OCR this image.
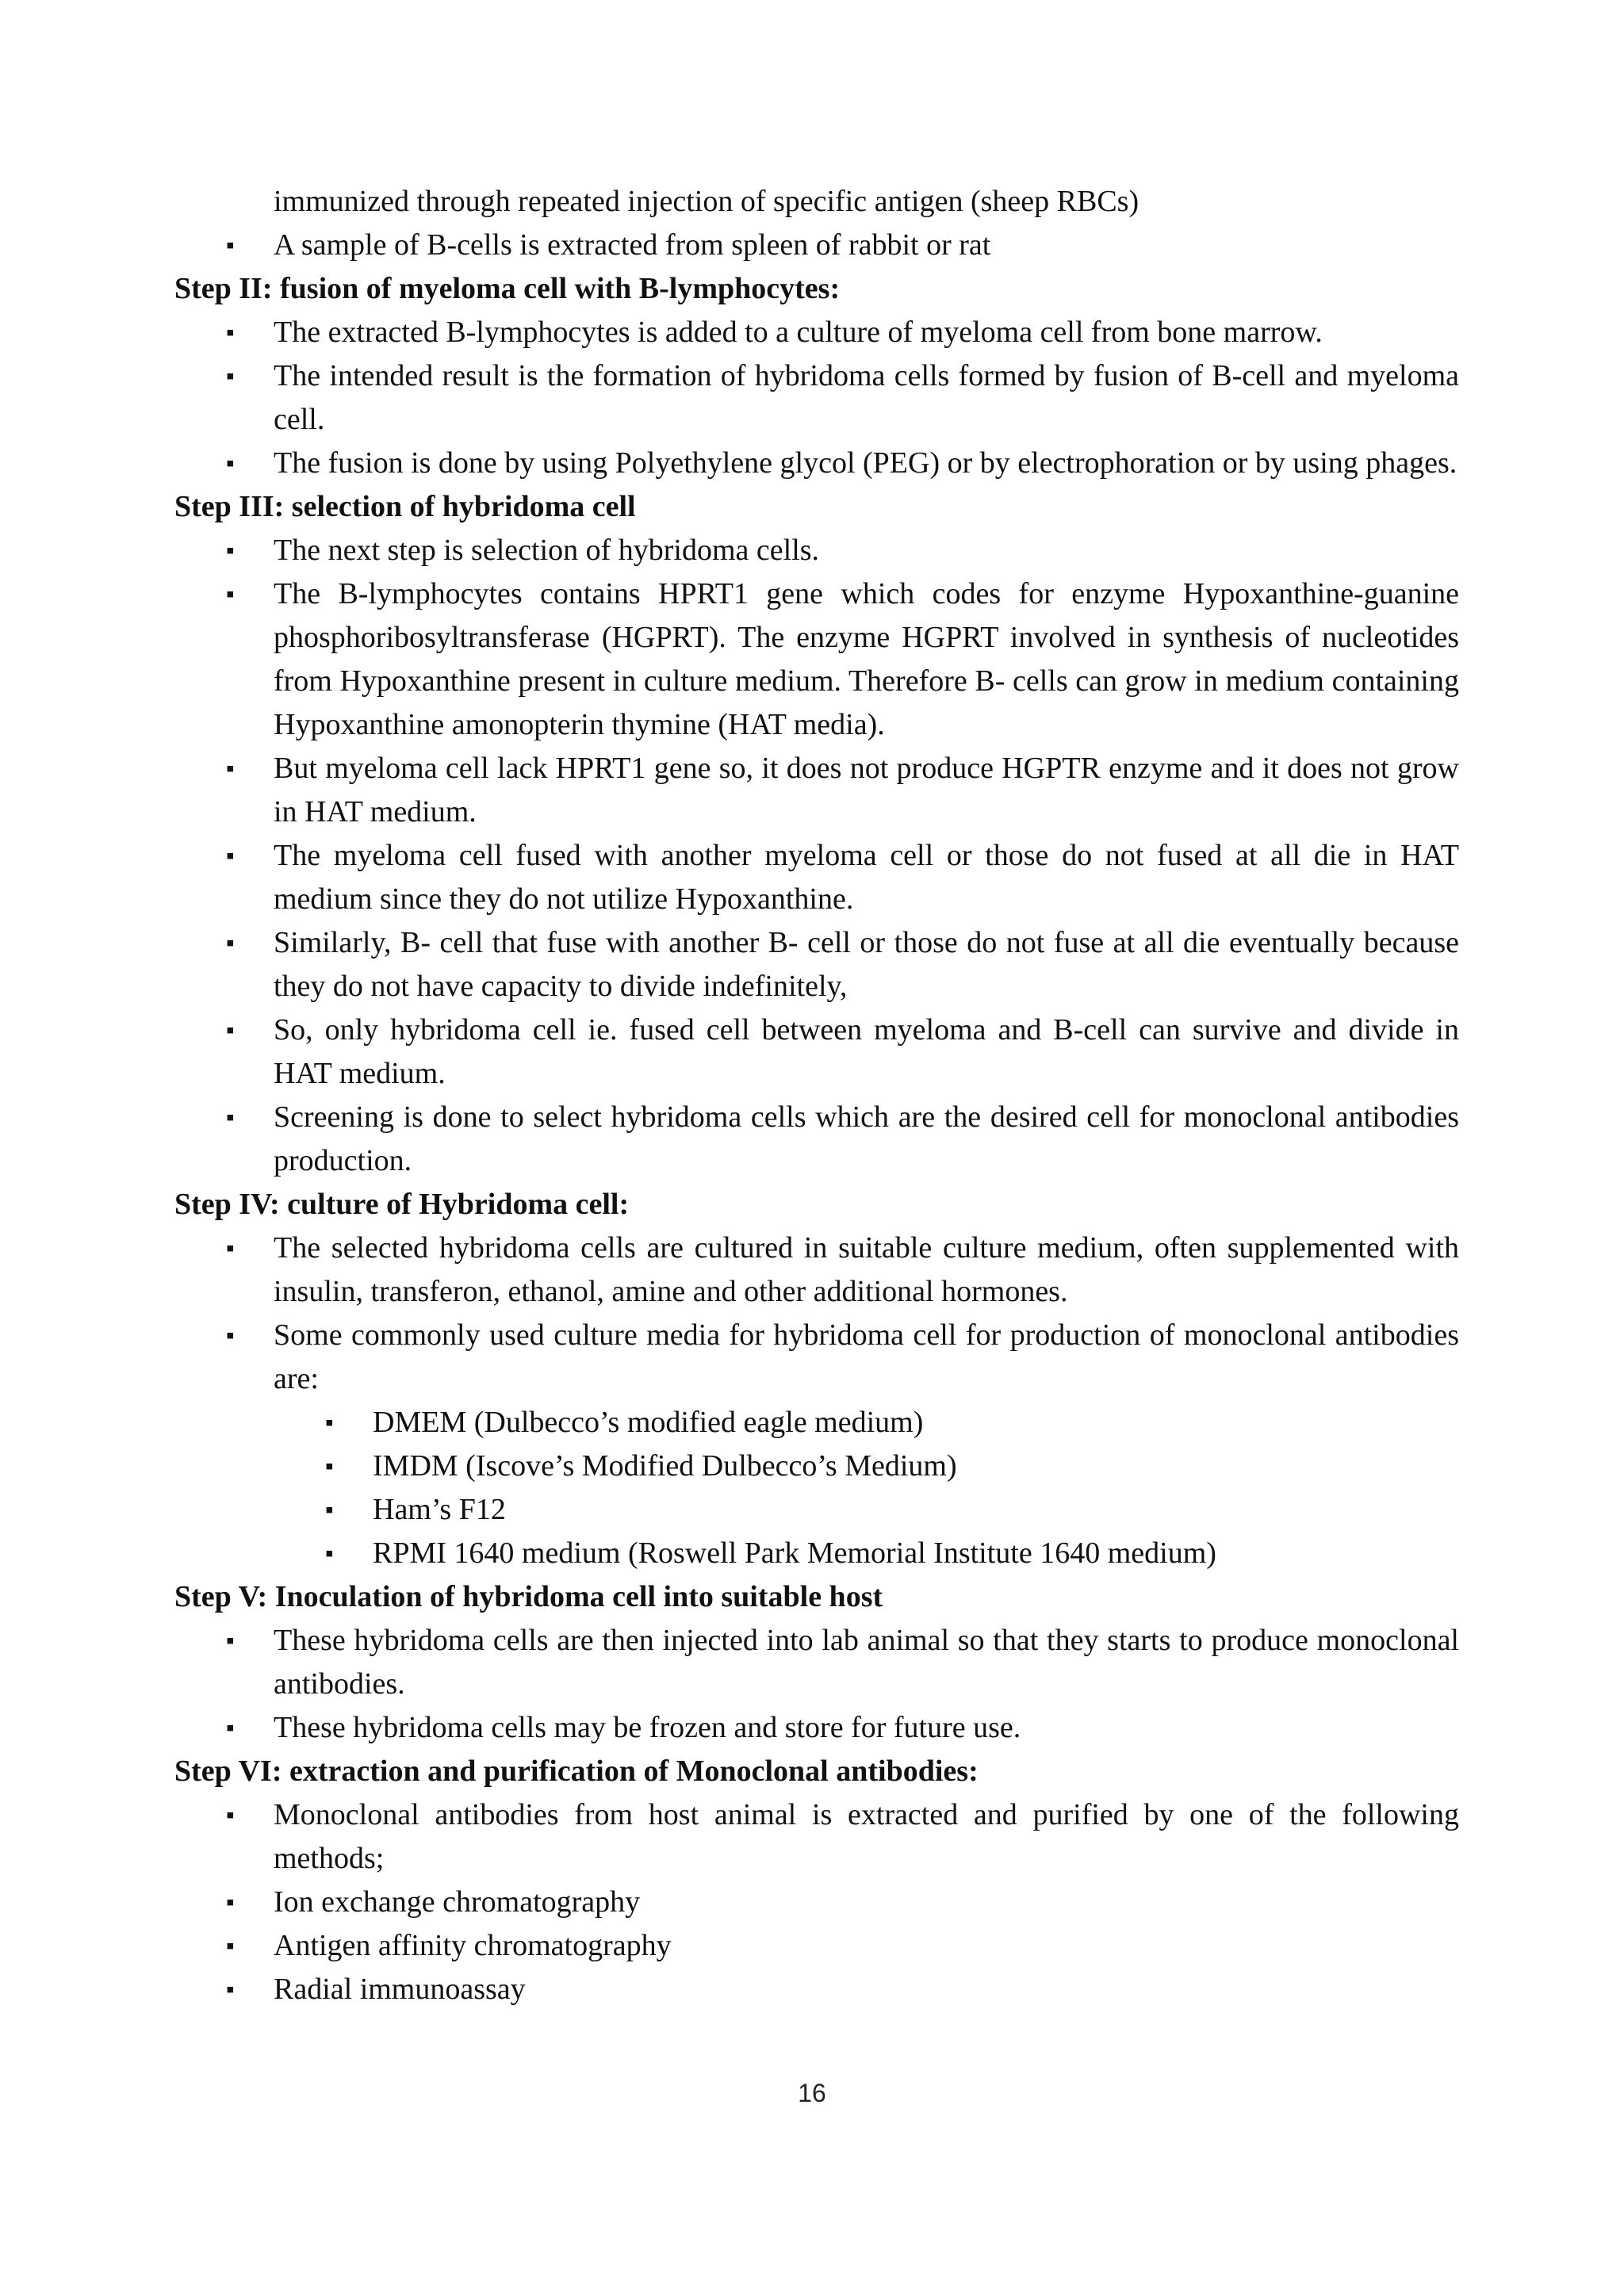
immunized through repeated injection of specific antigen (sheep RBCs)

▪ A sample of B-cells is extracted from spleen of rabbit or rat
Step II: fusion of myeloma cell with B-lymphocytes:
▪ The extracted B-lymphocytes is added to a culture of myeloma cell from bone marrow.
▪ The intended result is the formation of hybridoma cells formed by fusion of B-cell and myeloma cell.
▪ The fusion is done by using Polyethylene glycol (PEG) or by electrophoration or by using phages.
Step III: selection of hybridoma cell
▪ The next step is selection of hybridoma cells.
▪ The B-lymphocytes contains HPRT1 gene which codes for enzyme Hypoxanthine-guanine phosphoribosyltransferase (HGPRT). The enzyme HGPRT involved in synthesis of nucleotides from Hypoxanthine present in culture medium. Therefore B- cells can grow in medium containing Hypoxanthine amonopterin thymine (HAT media).
▪ But myeloma cell lack HPRT1 gene so, it does not produce HGPTR enzyme and it does not grow in HAT medium.
▪ The myeloma cell fused with another myeloma cell or those do not fused at all die in HAT medium since they do not utilize Hypoxanthine.
▪ Similarly, B- cell that fuse with another B- cell or those do not fuse at all die eventually because they do not have capacity to divide indefinitely,
▪ So, only hybridoma cell ie. fused cell between myeloma and B-cell can survive and divide in HAT medium.
▪ Screening is done to select hybridoma cells which are the desired cell for monoclonal antibodies production.
Step IV: culture of Hybridoma cell:
▪ The selected hybridoma cells are cultured in suitable culture medium, often supplemented with insulin, transferon, ethanol, amine and other additional hormones.
▪ Some commonly used culture media for hybridoma cell for production of monoclonal antibodies are:
▪ DMEM (Dulbecco’s modified eagle medium)
▪ IMDM (Iscove’s Modified Dulbecco’s Medium)
▪ Ham’s F12
▪ RPMI 1640 medium (Roswell Park Memorial Institute 1640 medium)
Step V: Inoculation of hybridoma cell into suitable host
▪ These hybridoma cells are then injected into lab animal so that they starts to produce monoclonal antibodies.
▪ These hybridoma cells may be frozen and store for future use.
Step VI: extraction and purification of Monoclonal antibodies:
▪ Monoclonal antibodies from host animal is extracted and purified by one of the following methods;
▪ Ion exchange chromatography
▪ Antigen affinity chromatography
▪ Radial immunoassay
16
